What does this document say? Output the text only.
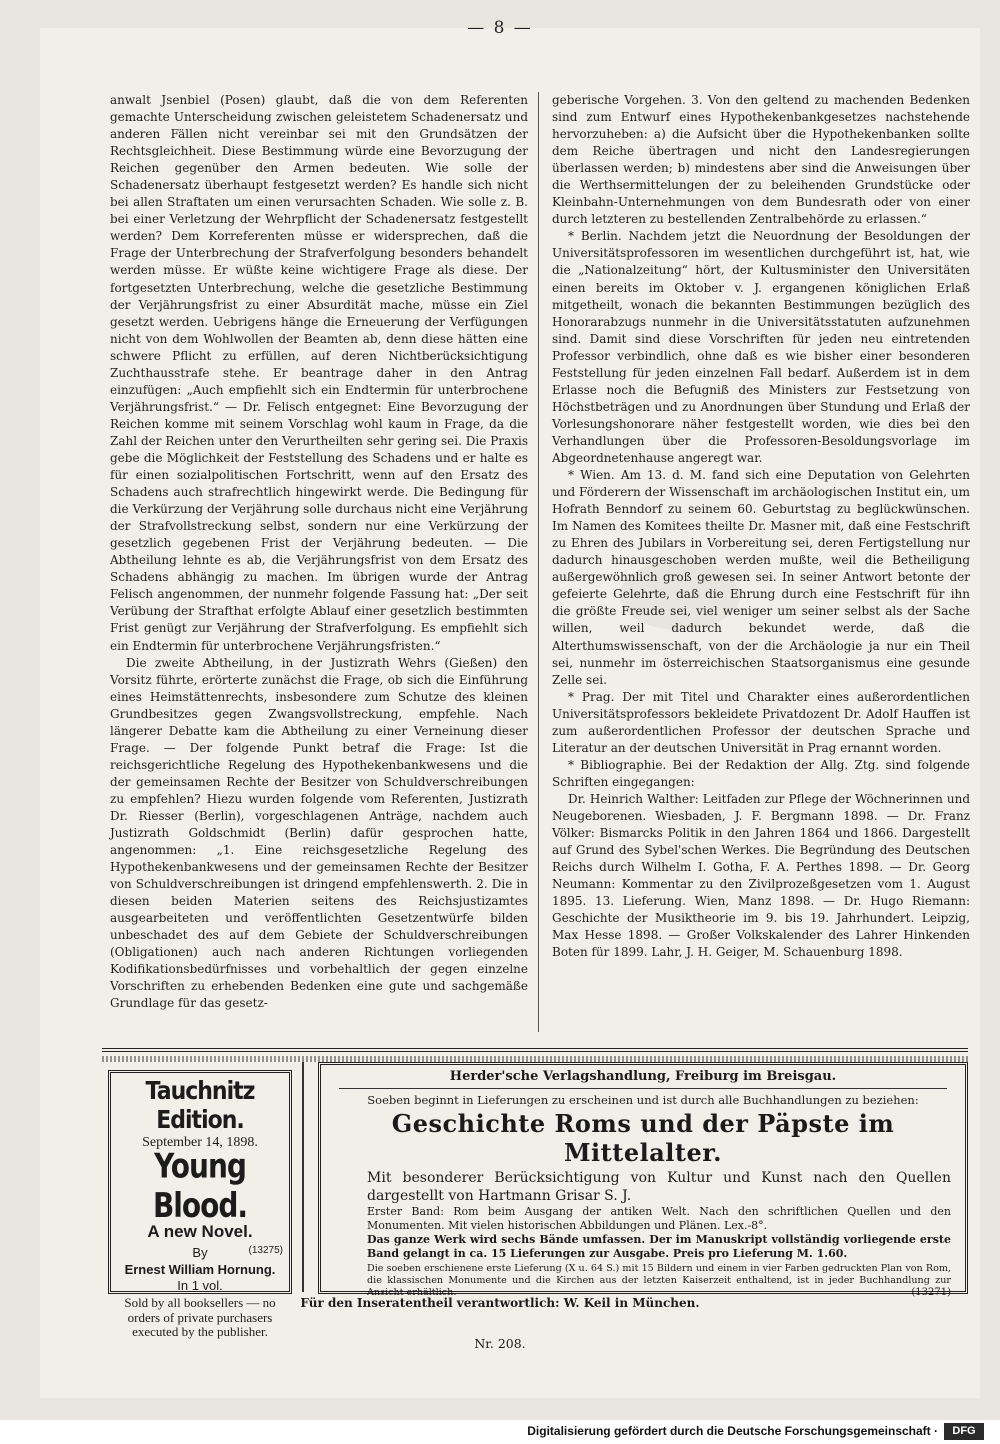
— 8 —

anwalt Jsenbiel (Posen) glaubt, daß die von dem Referenten gemachte Unterscheidung zwischen geleistetem Schadenersatz und anderen Fällen nicht vereinbar sei mit den Grundsätzen der Rechtsgleichheit. Diese Bestimmung würde eine Bevorzugung der Reichen gegenüber den Armen bedeuten. Wie solle der Schadenersatz überhaupt festgesetzt werden? Es handle sich nicht bei allen Straftaten um einen verursachten Schaden. Wie solle z. B. bei einer Verletzung der Wehrpflicht der Schadenersatz festgestellt werden? Dem Korreferenten müsse er widersprechen, daß die Frage der Unterbrechung der Strafverfolgung besonders behandelt werden müsse. Er wüßte keine wichtigere Frage als diese. Der fortgesetzten Unterbrechung, welche die gesetzliche Bestimmung der Verjährungsfrist zu einer Absurdität mache, müsse ein Ziel gesetzt werden. Uebrigens hänge die Erneuerung der Verfügungen nicht von dem Wohlwollen der Beamten ab, denn diese hätten eine schwere Pflicht zu erfüllen, auf deren Nichtberücksichtigung Zuchthausstrafe stehe. Er beantrage daher in den Antrag einzufügen: „Auch empfiehlt sich ein Endtermin für unterbrochene Verjährungsfrist.“ — Dr. Felisch entgegnet: Eine Bevorzugung der Reichen komme mit seinem Vorschlag wohl kaum in Frage, da die Zahl der Reichen unter den Verurtheilten sehr gering sei. Die Praxis gebe die Möglichkeit der Feststellung des Schadens und er halte es für einen sozialpolitischen Fortschritt, wenn auf den Ersatz des Schadens auch strafrechtlich hingewirkt werde. Die Bedingung für die Verkürzung der Verjährung solle durchaus nicht eine Verjährung der Strafvollstreckung selbst, sondern nur eine Verkürzung der gesetzlich gegebenen Frist der Verjährung bedeuten. — Die Abtheilung lehnte es ab, die Verjährungsfrist von dem Ersatz des Schadens abhängig zu machen. Im übrigen wurde der Antrag Felisch angenommen, der nunmehr folgende Fassung hat: „Der seit Verübung der Strafthat erfolgte Ablauf einer gesetzlich bestimmten Frist genügt zur Verjährung der Strafverfolgung. Es empfiehlt sich ein Endtermin für unterbrochene Verjährungsfristen.“

Die zweite Abtheilung, in der Justizrath Wehrs (Gießen) den Vorsitz führte, erörterte zunächst die Frage, ob sich die Einführung eines Heimstättenrechts, insbesondere zum Schutze des kleinen Grundbesitzes gegen Zwangsvollstreckung, empfehle. Nach längerer Debatte kam die Abtheilung zu einer Verneinung dieser Frage. — Der folgende Punkt betraf die Frage: Ist die reichsgerichtliche Regelung des Hypothekenbankwesens und die der gemeinsamen Rechte der Besitzer von Schuldverschreibungen zu empfehlen? Hiezu wurden folgende vom Referenten, Justizrath Dr. Riesser (Berlin), vorgeschlagenen Anträge, nachdem auch Justizrath Goldschmidt (Berlin) dafür gesprochen hatte, angenommen: „1. Eine reichsgesetzliche Regelung des Hypothekenbankwesens und der gemeinsamen Rechte der Besitzer von Schuldverschreibungen ist dringend empfehlenswerth. 2. Die in diesen beiden Materien seitens des Reichsjustizamtes ausgearbeiteten und veröffentlichten Gesetzentwürfe bilden unbeschadet des auf dem Gebiete der Schuldverschreibungen (Obligationen) auch nach anderen Richtungen vorliegenden Kodifikationsbedürfnisses und vorbehaltlich der gegen einzelne Vorschriften zu erhebenden Bedenken eine gute und sachgemäße Grundlage für das gesetz-

geberische Vorgehen. 3. Von den geltend zu machenden Bedenken sind zum Entwurf eines Hypothekenbankgesetzes nachstehende hervorzuheben: a) die Aufsicht über die Hypothekenbanken sollte dem Reiche übertragen und nicht den Landesregierungen überlassen werden; b) mindestens aber sind die Anweisungen über die Werthsermittelungen der zu beleihenden Grundstücke oder Kleinbahn-Unternehmungen von dem Bundesrath oder von einer durch letzteren zu bestellenden Zentralbehörde zu erlassen.“

* Berlin. Nachdem jetzt die Neuordnung der Besoldungen der Universitätsprofessoren im wesentlichen durchgeführt ist, hat, wie die „Nationalzeitung“ hört, der Kultusminister den Universitäten einen bereits im Oktober v. J. ergangenen königlichen Erlaß mitgetheilt, wonach die bekannten Bestimmungen bezüglich des Honorarabzugs nunmehr in die Universitätsstatuten aufzunehmen sind. Damit sind diese Vorschriften für jeden neu eintretenden Professor verbindlich, ohne daß es wie bisher einer besonderen Feststellung für jeden einzelnen Fall bedarf. Außerdem ist in dem Erlasse noch die Befugniß des Ministers zur Festsetzung von Höchstbeträgen und zu Anordnungen über Stundung und Erlaß der Vorlesungshonorare näher festgestellt worden, wie dies bei den Verhandlungen über die Professoren-Besoldungsvorlage im Abgeordnetenhause angeregt war.

* Wien. Am 13. d. M. fand sich eine Deputation von Gelehrten und Förderern der Wissenschaft im archäologischen Institut ein, um Hofrath Benndorf zu seinem 60. Geburtstag zu beglückwünschen. Im Namen des Komitees theilte Dr. Masner mit, daß eine Festschrift zu Ehren des Jubilars in Vorbereitung sei, deren Fertigstellung nur dadurch hinausgeschoben werden mußte, weil die Betheiligung außergewöhnlich groß gewesen sei. In seiner Antwort betonte der gefeierte Gelehrte, daß die Ehrung durch eine Festschrift für ihn die größte Freude sei, viel weniger um seiner selbst als der Sache willen, weil dadurch bekundet werde, daß die Alterthumswissenschaft, von der die Archäologie ja nur ein Theil sei, nunmehr im österreichischen Staatsorganismus eine gesunde Zelle sei.

* Prag. Der mit Titel und Charakter eines außerordentlichen Universitätsprofessors bekleidete Privatdozent Dr. Adolf Hauffen ist zum außerordentlichen Professor der deutschen Sprache und Literatur an der deutschen Universität in Prag ernannt worden.

* Bibliographie. Bei der Redaktion der Allg. Ztg. sind folgende Schriften eingegangen:

Dr. Heinrich Walther: Leitfaden zur Pflege der Wöchnerinnen und Neugeborenen. Wiesbaden, J. F. Bergmann 1898. — Dr. Franz Völker: Bismarcks Politik in den Jahren 1864 und 1866. Dargestellt auf Grund des Sybel'schen Werkes. Die Begründung des Deutschen Reichs durch Wilhelm I. Gotha, F. A. Perthes 1898. — Dr. Georg Neumann: Kommentar zu den Zivilprozeßgesetzen vom 1. August 1895. 13. Lieferung. Wien, Manz 1898. — Dr. Hugo Riemann: Geschichte der Musiktheorie im 9. bis 19. Jahrhundert. Leipzig, Max Hesse 1898. — Großer Volkskalender des Lahrer Hinkenden Boten für 1899. Lahr, J. H. Geiger, M. Schauenburg 1898.

Tauchnitz Edition.
September 14, 1898.
Young Blood.
A new Novel.
By	(13275)
Ernest William Hornung.
In 1 vol.
Sold by all booksellers — no orders of private purchasers executed by the publisher.
Herder'sche Verlagshandlung, Freiburg im Breisgau.
Soeben beginnt in Lieferungen zu erscheinen und ist durch alle Buchhandlungen zu beziehen:
Geschichte Roms und der Päpste im Mittelalter.
Mit besonderer Berücksichtigung von Kultur und Kunst nach den Quellen dargestellt von Hartmann Grisar S. J.
Erster Band: Rom beim Ausgang der antiken Welt. Nach den schriftlichen Quellen und den Monumenten. Mit vielen historischen Abbildungen und Plänen. Lex.-8°.
Das ganze Werk wird sechs Bände umfassen. Der im Manuskript vollständig vorliegende erste Band gelangt in ca. 15 Lieferungen zur Ausgabe. Preis pro Lieferung M. 1.60.
Die soeben erschienene erste Lieferung (X u. 64 S.) mit 15 Bildern und einem in vier Farben gedruckten Plan von Rom, die klassischen Monumente und die Kirchen aus der letzten Kaiserzeit enthaltend, ist in jeder Buchhandlung zur Ansicht erhältlich.	(13271)
Für den Inseratentheil verantwortlich: W. Keil in München.
Nr. 208.
Digitalisierung gefördert durch die Deutsche Forschungsgemeinschaft ·	DFG
